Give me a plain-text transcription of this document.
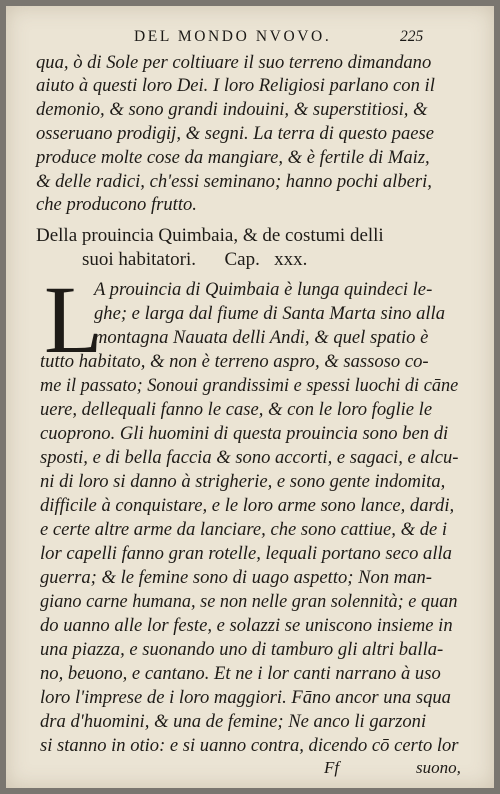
DEL MONDO NVOVO.	225
qua, ò di Sole per coltiuare il suo terreno dimandano
aiuto à questi loro Dei. I loro Religiosi parlano con il
demonio, & sono grandi indouini, & superstitiosi, &
osseruano prodigij, & segni. La terra di questo paese
produce molte cose da mangiare, & è fertile di Maiz,
& delle radici, ch'essi seminano; hanno pochi alberi,
che producono frutto.
Della prouincia Quimbaia, & de costumi delli
suoi habitatori.      Cap.   xxx.
L
A prouincia di Quimbaia è lunga quindeci le-
ghe; e larga dal fiume di Santa Marta sino alla
montagna Nauata delli Andi, & quel spatio è
tutto habitato, & non è terreno aspro, & sassoso co-
me il passato; Sonoui grandissimi e spessi luochi di cāne
uere, dellequali fanno le case, & con le loro foglie le
cuoprono. Gli huomini di questa prouincia sono ben di
sposti, e di bella faccia & sono accorti, e sagaci, e alcu-
ni di loro si danno à strigherie, e sono gente indomita,
difficile à conquistare, e le loro arme sono lance, dardi,
e certe altre arme da lanciare, che sono cattiue, & de i
lor capelli fanno gran rotelle, lequali portano seco alla
guerra; & le femine sono di uago aspetto; Non man-
giano carne humana, se non nelle gran solennità; e quan
do uanno alle lor feste, e solazzi se uniscono insieme in
una piazza, e suonando uno di tamburo gli altri balla-
no, beuono, e cantano. Et ne i lor canti narrano à uso
loro l'imprese de i loro maggiori. Fāno ancor una squa
dra d'huomini, & una de femine; Ne anco li garzoni
si stanno in otio: e si uanno contra, dicendo cō certo lor
Ff	suono,
